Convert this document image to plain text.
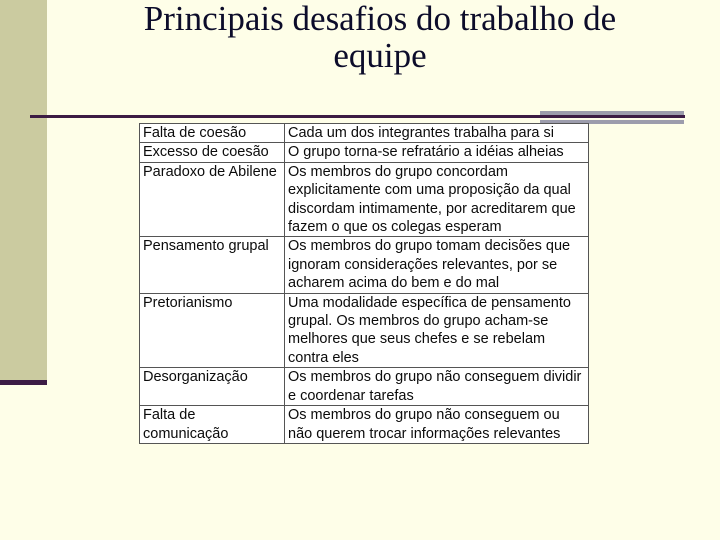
Principais desafios do trabalho de
equipe
Falta de coesão	Cada um dos integrantes trabalha para si
Excesso de coesão	O grupo torna-se refratário a idéias alheias
Paradoxo de Abilene	Os membros do grupo concordam explicitamente com uma proposição da qual discordam intimamente, por acreditarem que fazem o que os colegas esperam
Pensamento grupal	Os membros do grupo tomam decisões que ignoram considerações relevantes, por se acharem acima do bem e do mal
Pretorianismo	Uma modalidade específica de pensamento grupal. Os membros do grupo acham-se melhores que seus chefes e se rebelam contra eles
Desorganização	Os membros do grupo não conseguem dividir e coordenar tarefas
Falta de comunicação	Os membros do grupo não conseguem ou não querem trocar informações relevantes
